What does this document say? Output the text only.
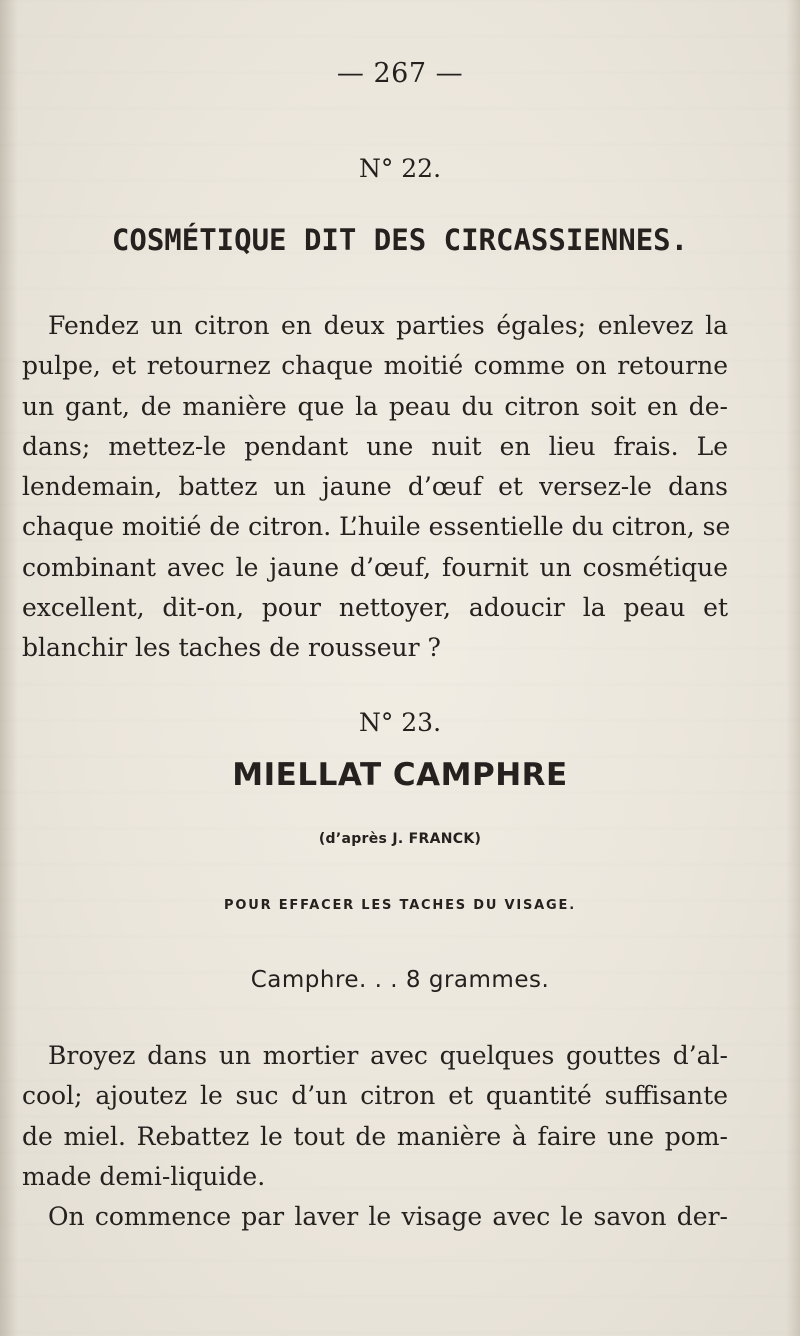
— 267 —
N° 22.
COSMÉTIQUE DIT DES CIRCASSIENNES.
Fendez un citron en deux parties égales; enlevez la
pulpe, et retournez chaque moitié comme on retourne
un gant, de manière que la peau du citron soit en de-
dans; mettez-le pendant une nuit en lieu frais. Le
lendemain, battez un jaune d’œuf et versez-le dans
chaque moitié de citron. L’huile essentielle du citron, se
combinant avec le jaune d’œuf, fournit un cosmétique
excellent, dit-on, pour nettoyer, adoucir la peau et
blanchir les taches de rousseur ?
N° 23.
MIELLAT CAMPHRE
(d’après J. FRANCK)
POUR EFFACER LES TACHES DU VISAGE.
Camphre. . . 8 grammes.
Broyez dans un mortier avec quelques gouttes d’al-
cool; ajoutez le suc d’un citron et quantité suffisante
de miel. Rebattez le tout de manière à faire une pom-
made demi-liquide.
On commence par laver le visage avec le savon der-
